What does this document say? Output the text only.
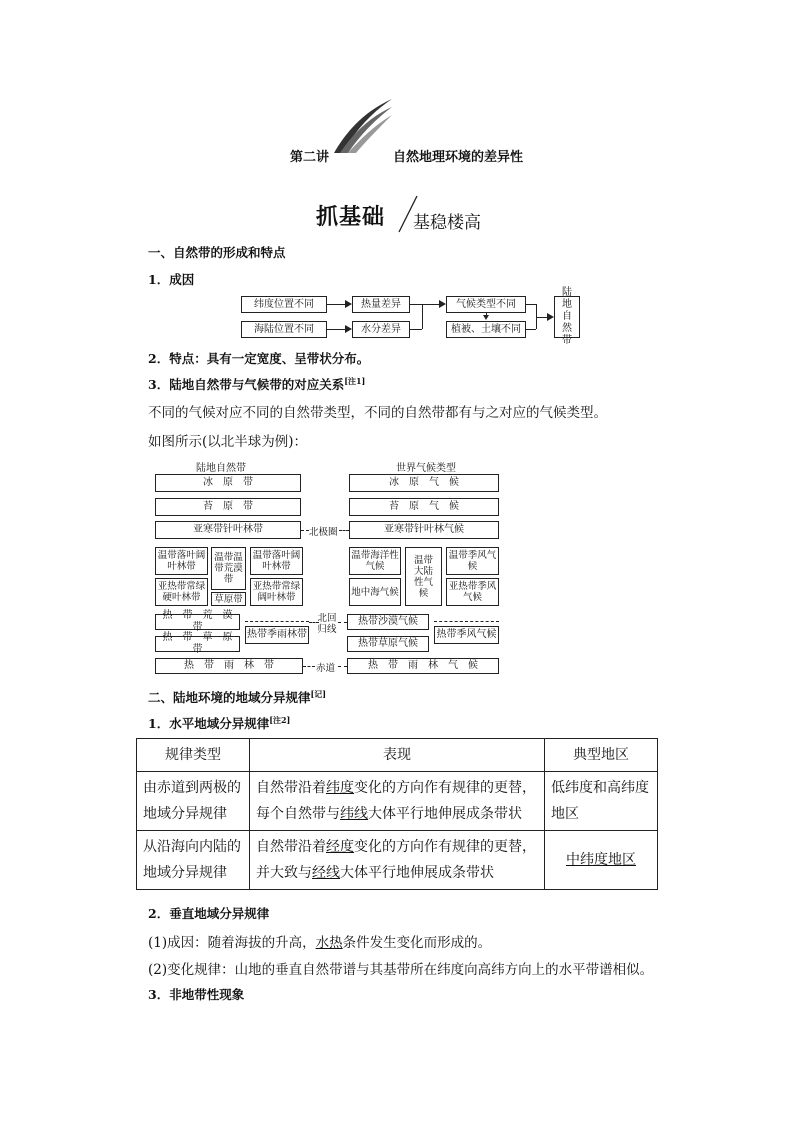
第二讲	自然地理环境的差异性
抓基础 基稳楼高
一、自然带的形成和特点
1．成因
纬度位置不同
海陆位置不同
热量差异
水分差异
气候类型不同
植被、土壤不同
陆地自然带
2．特点：具有一定宽度、呈带状分布。
3．陆地自然带与气候带的对应关系[注1]
不同的气候对应不同的自然带类型，不同的自然带都有与之对应的气候类型。
如图所示(以北半球为例)：
陆地自然带	世界气候类型
冰　原　带
苔　原　带
亚寒带针叶林带
温带落叶阔叶林带
亚热带常绿硬叶林带
温带温带荒漠带
草原带
温带落叶阔叶林带
亚热带常绿阔叶林带
热　带　荒　漠　带
热　带　草　原　带
热带季雨林带
热　带　雨　林　带
冰　原　气　候
苔　原　气　候
亚寒带针叶林气候
温带海洋性气候
地中海气候
温带大陆性气候
温带季风气候
亚热带季风气候
热带沙漠气候
热带草原气候
热带季风气候
热　带　雨　林　气　候
北极圈
北回归线
赤道
二、陆地环境的地域分异规律[记]
1．水平地域分异规律[注2]
规律类型	表现	典型地区
由赤道到两极的地域分异规律	自然带沿着纬度变化的方向作有规律的更替，每个自然带与纬线大体平行地伸展成条带状	低纬度和高纬度地区
从沿海向内陆的地域分异规律	自然带沿着经度变化的方向作有规律的更替，并大致与经线大体平行地伸展成条带状	中纬度地区
2．垂直地域分异规律
(1)成因：随着海拔的升高，水热条件发生变化而形成的。
(2)变化规律：山地的垂直自然带谱与其基带所在纬度向高纬方向上的水平带谱相似。
3．非地带性现象
